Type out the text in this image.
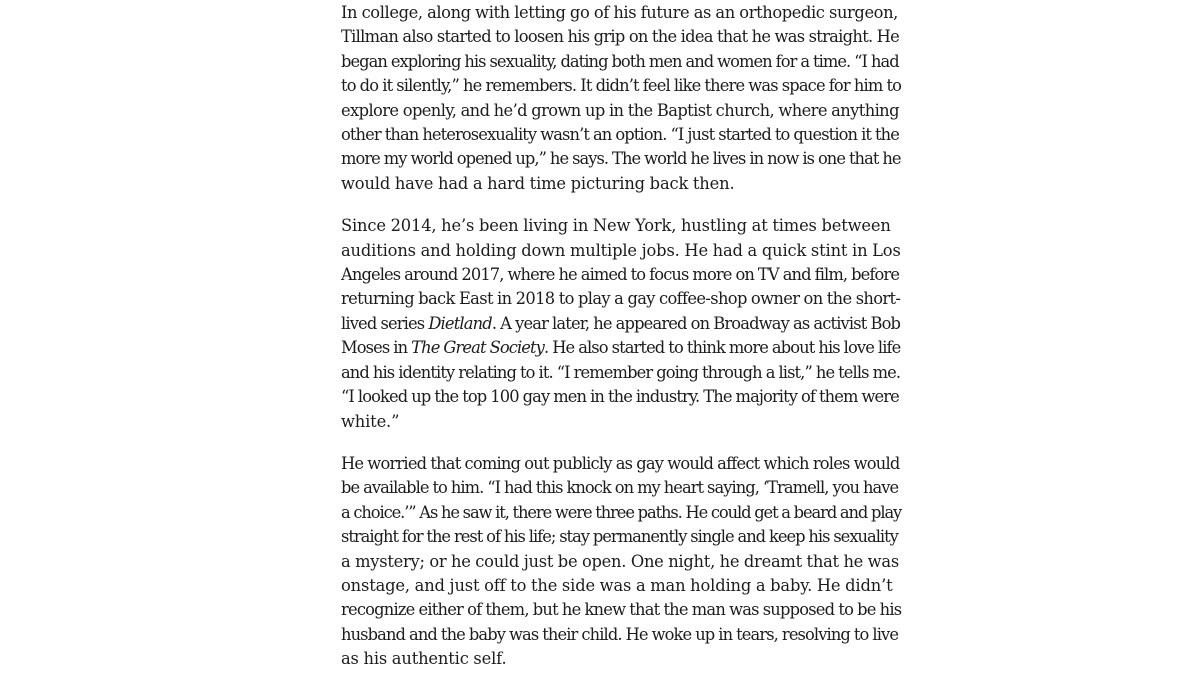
In college, along with letting go of his future as an orthopedic surgeon,
Tillman also started to loosen his grip on the idea that he was straight. He
began exploring his sexuality, dating both men and women for a time. “I had
to do it silently,” he remembers. It didn’t feel like there was space for him to
explore openly, and he’d grown up in the Baptist church, where anything
other than heterosexuality wasn’t an option. “I just started to question it the
more my world opened up,” he says. The world he lives in now is one that he
would have had a hard time picturing back then.

Since 2014, he’s been living in New York, hustling at times between
auditions and holding down multiple jobs. He had a quick stint in Los
Angeles around 2017, where he aimed to focus more on TV and film, before
returning back East in 2018 to play a gay coffee-shop owner on the short-
lived series Dietland. A year later, he appeared on Broadway as activist Bob
Moses in The Great Society. He also started to think more about his love life
and his identity relating to it. “I remember going through a list,” he tells me.
“I looked up the top 100 gay men in the industry. The majority of them were
white.”

He worried that coming out publicly as gay would affect which roles would
be available to him. “I had this knock on my heart saying, ‘Tramell, you have
a choice.’” As he saw it, there were three paths. He could get a beard and play
straight for the rest of his life; stay permanently single and keep his sexuality
a mystery; or he could just be open. One night, he dreamt that he was
onstage, and just off to the side was a man holding a baby. He didn’t
recognize either of them, but he knew that the man was supposed to be his
husband and the baby was their child. He woke up in tears, resolving to live
as his authentic self.
